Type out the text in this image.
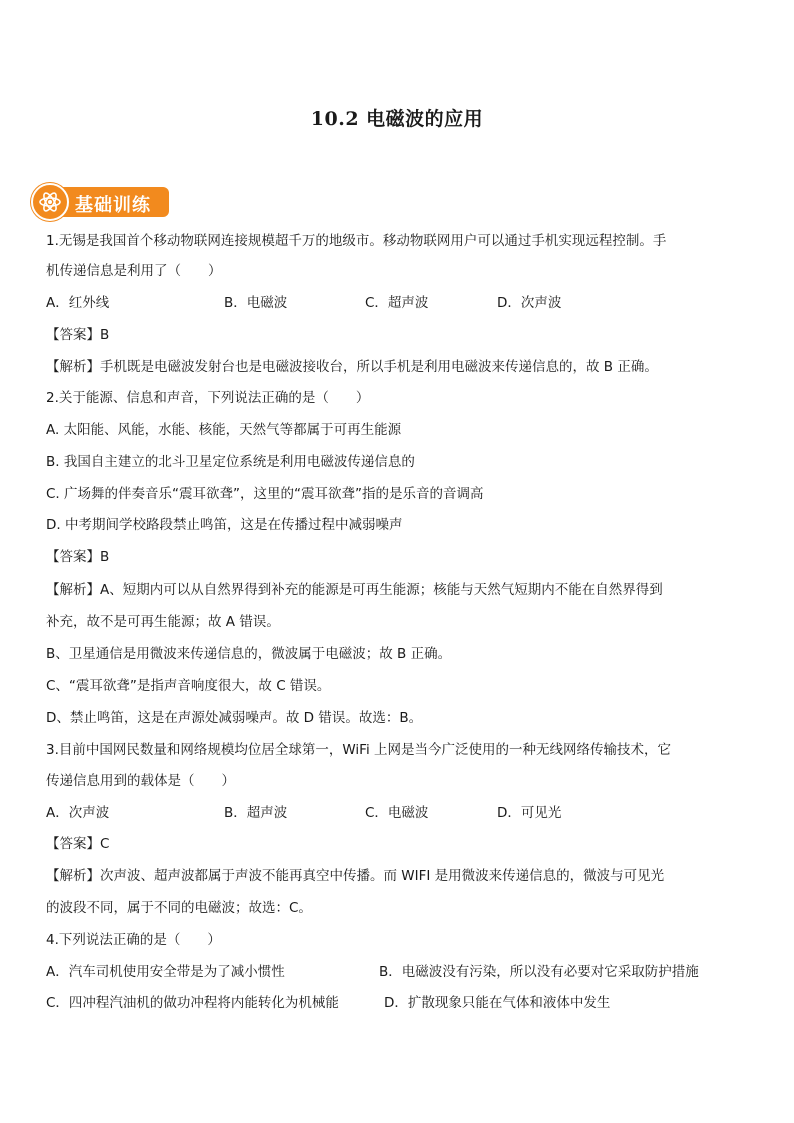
10.2 电磁波的应用
基础训练
1.无锡是我国首个移动物联网连接规模超千万的地级市。移动物联网用户可以通过手机实现远程控制。手
机传递信息是利用了（　　）
A．红外线	B．电磁波	C．超声波	D．次声波
【答案】B
【解析】手机既是电磁波发射台也是电磁波接收台，所以手机是利用电磁波来传递信息的，故 B 正确。
2.关于能源、信息和声音，下列说法正确的是（　　）
A. 太阳能、风能，水能、核能，天然气等都属于可再生能源
B. 我国自主建立的北斗卫星定位系统是利用电磁波传递信息的
C. 广场舞的伴奏音乐“震耳欲聋”，这里的“震耳欲聋”指的是乐音的音调高
D. 中考期间学校路段禁止鸣笛，这是在传播过程中减弱噪声
【答案】B
【解析】A、短期内可以从自然界得到补充的能源是可再生能源；核能与天然气短期内不能在自然界得到
补充，故不是可再生能源；故 A 错误。
B、卫星通信是用微波来传递信息的，微波属于电磁波；故 B 正确。
C、“震耳欲聋”是指声音响度很大，故 C 错误。
D、禁止鸣笛，这是在声源处减弱噪声。故 D 错误。故选：B。
3.目前中国网民数量和网络规模均位居全球第一，WiFi 上网是当今广泛使用的一种无线网络传输技术，它
传递信息用到的载体是（　　）
A．次声波	B．超声波	C．电磁波	D．可见光
【答案】C
【解析】次声波、超声波都属于声波不能再真空中传播。而 WIFI 是用微波来传递信息的，微波与可见光
的波段不同，属于不同的电磁波；故选：C。
4.下列说法正确的是（　　）
A．汽车司机使用安全带是为了减小惯性	B．电磁波没有污染，所以没有必要对它采取防护措施
C．四冲程汽油机的做功冲程将内能转化为机械能	D．扩散现象只能在气体和液体中发生
